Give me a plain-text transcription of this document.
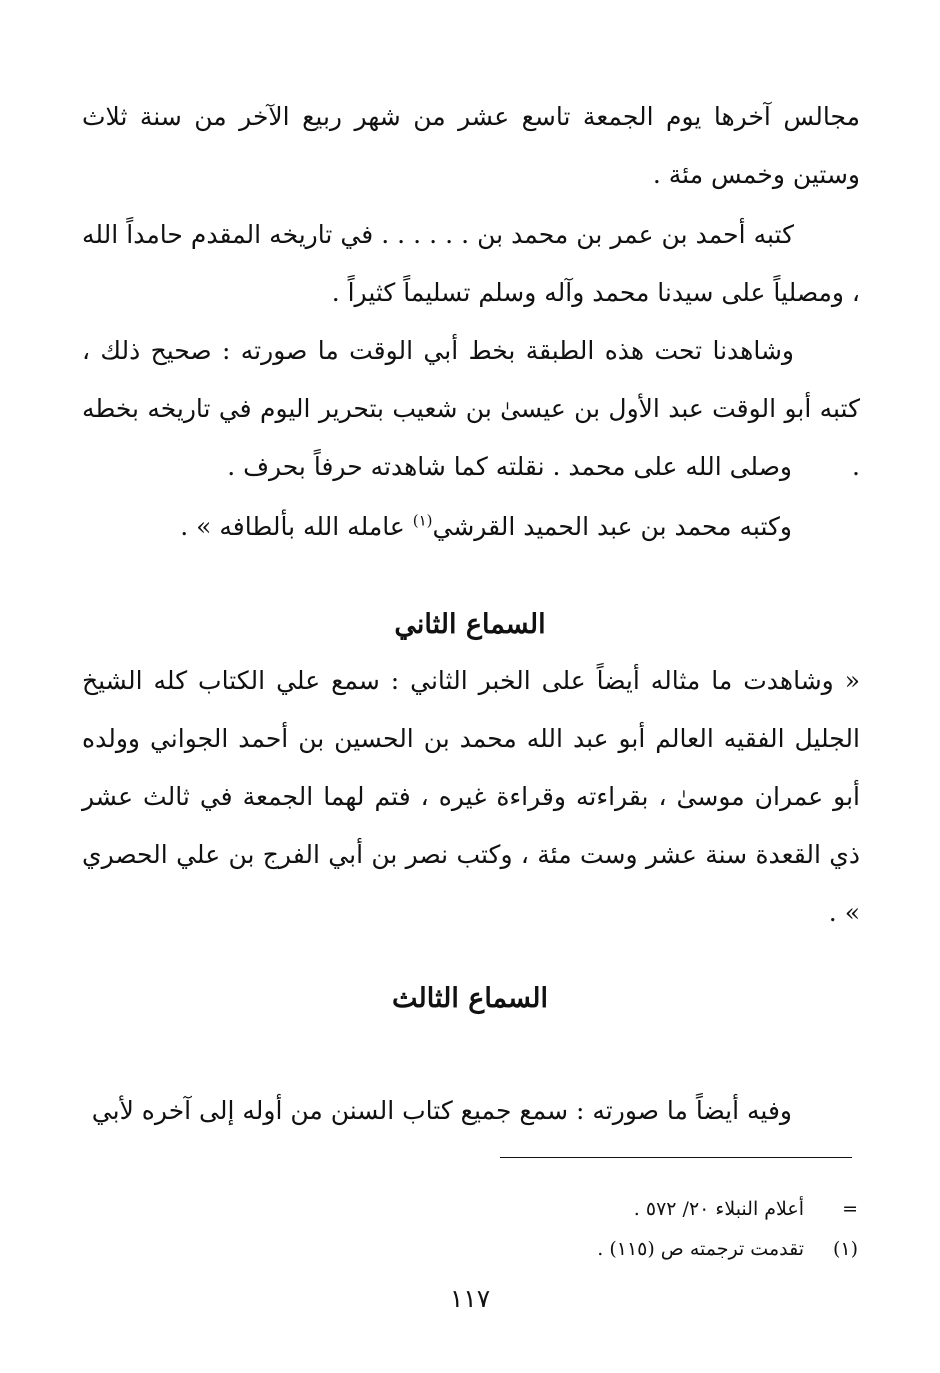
مجالس آخرها يوم الجمعة تاسع عشر من شهر ربيع الآخر من سنة ثلاث وستين وخمس مئة .

كتبه أحمد بن عمر بن محمد بن . . . . . . في تاريخه المقدم حامداً الله ، ومصلياً على سيدنا محمد وآله وسلم تسليماً كثيراً .

وشاهدنا تحت هذه الطبقة بخط أبي الوقت ما صورته : صحيح ذلك ، كتبه أبو الوقت عبد الأول بن عيسىٰ بن شعيب بتحرير اليوم في تاريخه بخطه .

وصلى الله على محمد . نقلته كما شاهدته حرفاً بحرف .

وكتبه محمد بن عبد الحميد القرشي$^{(١)}$ عامله الله بألطافه » .

السماع الثاني

« وشاهدت ما مثاله أيضاً على الخبر الثاني : سمع علي الكتاب كله الشيخ الجليل الفقيه العالم أبو عبد الله محمد بن الحسين بن أحمد الجواني وولده أبو عمران موسىٰ ، بقراءته وقراءة غيره ، فتم لهما الجمعة في ثالث عشر ذي القعدة سنة عشر وست مئة ، وكتب نصر بن أبي الفرج بن علي الحصري » .

السماع الثالث

وفيه أيضاً ما صورته : سمع جميع كتاب السنن من أوله إلى آخره لأبي

=أعلام النبلاء ٢٠/ ٥٧٢ .
(١)تقدمت ترجمته ص (١١٥) .
١١٧
